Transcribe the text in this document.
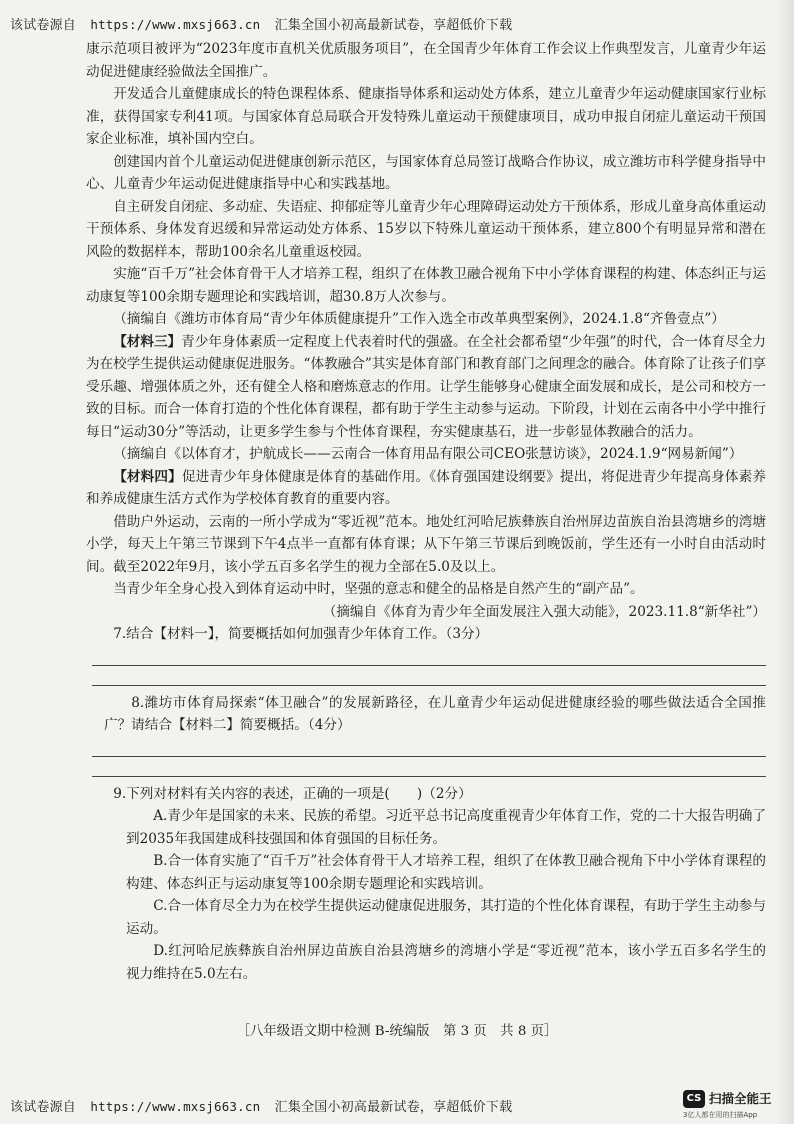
该试卷源自 https://www.mxsj663.cn 汇集全国小初高最新试卷，享超低价下载

康示范项目被评为“2023年度市直机关优质服务项目”，在全国青少年体育工作会议上作典型发言，儿童青少年运动促进健康经验做法全国推广。

开发适合儿童健康成长的特色课程体系、健康指导体系和运动处方体系，建立儿童青少年运动健康国家行业标准，获得国家专利41项。与国家体育总局联合开发特殊儿童运动干预健康项目，成功申报自闭症儿童运动干预国家企业标准，填补国内空白。

创建国内首个儿童运动促进健康创新示范区，与国家体育总局签订战略合作协议，成立潍坊市科学健身指导中心、儿童青少年运动促进健康指导中心和实践基地。

自主研发自闭症、多动症、失语症、抑郁症等儿童青少年心理障碍运动处方干预体系，形成儿童身高体重运动干预体系、身体发育迟缓和异常运动处方体系、15岁以下特殊儿童运动干预体系，建立800个有明显异常和潜在风险的数据样本，帮助100余名儿童重返校园。

实施“百千万”社会体育骨干人才培养工程，组织了在体教卫融合视角下中小学体育课程的构建、体态纠正与运动康复等100余期专题理论和实践培训，超30.8万人次参与。

（摘编自《潍坊市体育局“青少年体质健康提升”工作入选全市改革典型案例》，2024.1.8“齐鲁壹点”）

【材料三】青少年身体素质一定程度上代表着时代的强盛。在全社会都希望“少年强”的时代，合一体育尽全力为在校学生提供运动健康促进服务。“体教融合”其实是体育部门和教育部门之间理念的融合。体育除了让孩子们享受乐趣、增强体质之外，还有健全人格和磨炼意志的作用。让学生能够身心健康全面发展和成长，是公司和校方一致的目标。而合一体育打造的个性化体育课程，都有助于学生主动参与运动。下阶段，计划在云南各中小学中推行每日“运动30分”等活动，让更多学生参与个性体育课程，夯实健康基石，进一步彰显体教融合的活力。

（摘编自《以体育才，护航成长——云南合一体育用品有限公司CEO张慧访谈》，2024.1.9“网易新闻”）

【材料四】促进青少年身体健康是体育的基础作用。《体育强国建设纲要》提出，将促进青少年提高身体素养和养成健康生活方式作为学校体育教育的重要内容。

借助户外运动，云南的一所小学成为“零近视”范本。地处红河哈尼族彝族自治州屏边苗族自治县湾塘乡的湾塘小学，每天上午第三节课到下午4点半一直都有体育课；从下午第三节课后到晚饭前，学生还有一小时自由活动时间。截至2022年9月，该小学五百多名学生的视力全部在5.0及以上。

当青少年全身心投入到体育运动中时，坚强的意志和健全的品格是自然产生的“副产品”。

（摘编自《体育为青少年全面发展注入强大动能》，2023.11.8“新华社”）

7.结合【材料一】，简要概括如何加强青少年体育工作。（3分）

8.潍坊市体育局探索“体卫融合”的发展新路径，在儿童青少年运动促进健康经验的哪些做法适合全国推广？请结合【材料二】简要概括。（4分）

9.下列对材料有关内容的表述，正确的一项是(　　)（2分）

A.青少年是国家的未来、民族的希望。习近平总书记高度重视青少年体育工作，党的二十大报告明确了到2035年我国建成科技强国和体育强国的目标任务。

B.合一体育实施了“百千万”社会体育骨干人才培养工程，组织了在体教卫融合视角下中小学体育课程的构建、体态纠正与运动康复等100余期专题理论和实践培训。

C.合一体育尽全力为在校学生提供运动健康促进服务，其打造的个性化体育课程，有助于学生主动参与运动。

D.红河哈尼族彝族自治州屏边苗族自治县湾塘乡的湾塘小学是“零近视”范本，该小学五百多名学生的视力维持在5.0左右。

［八年级语文期中检测 B-统编版　第 3 页　共 8 页］
该试卷源自 https://www.mxsj663.cn 汇集全国小初高最新试卷，享超低价下载
CS 扫描全能王
3亿人都在用的扫描App
